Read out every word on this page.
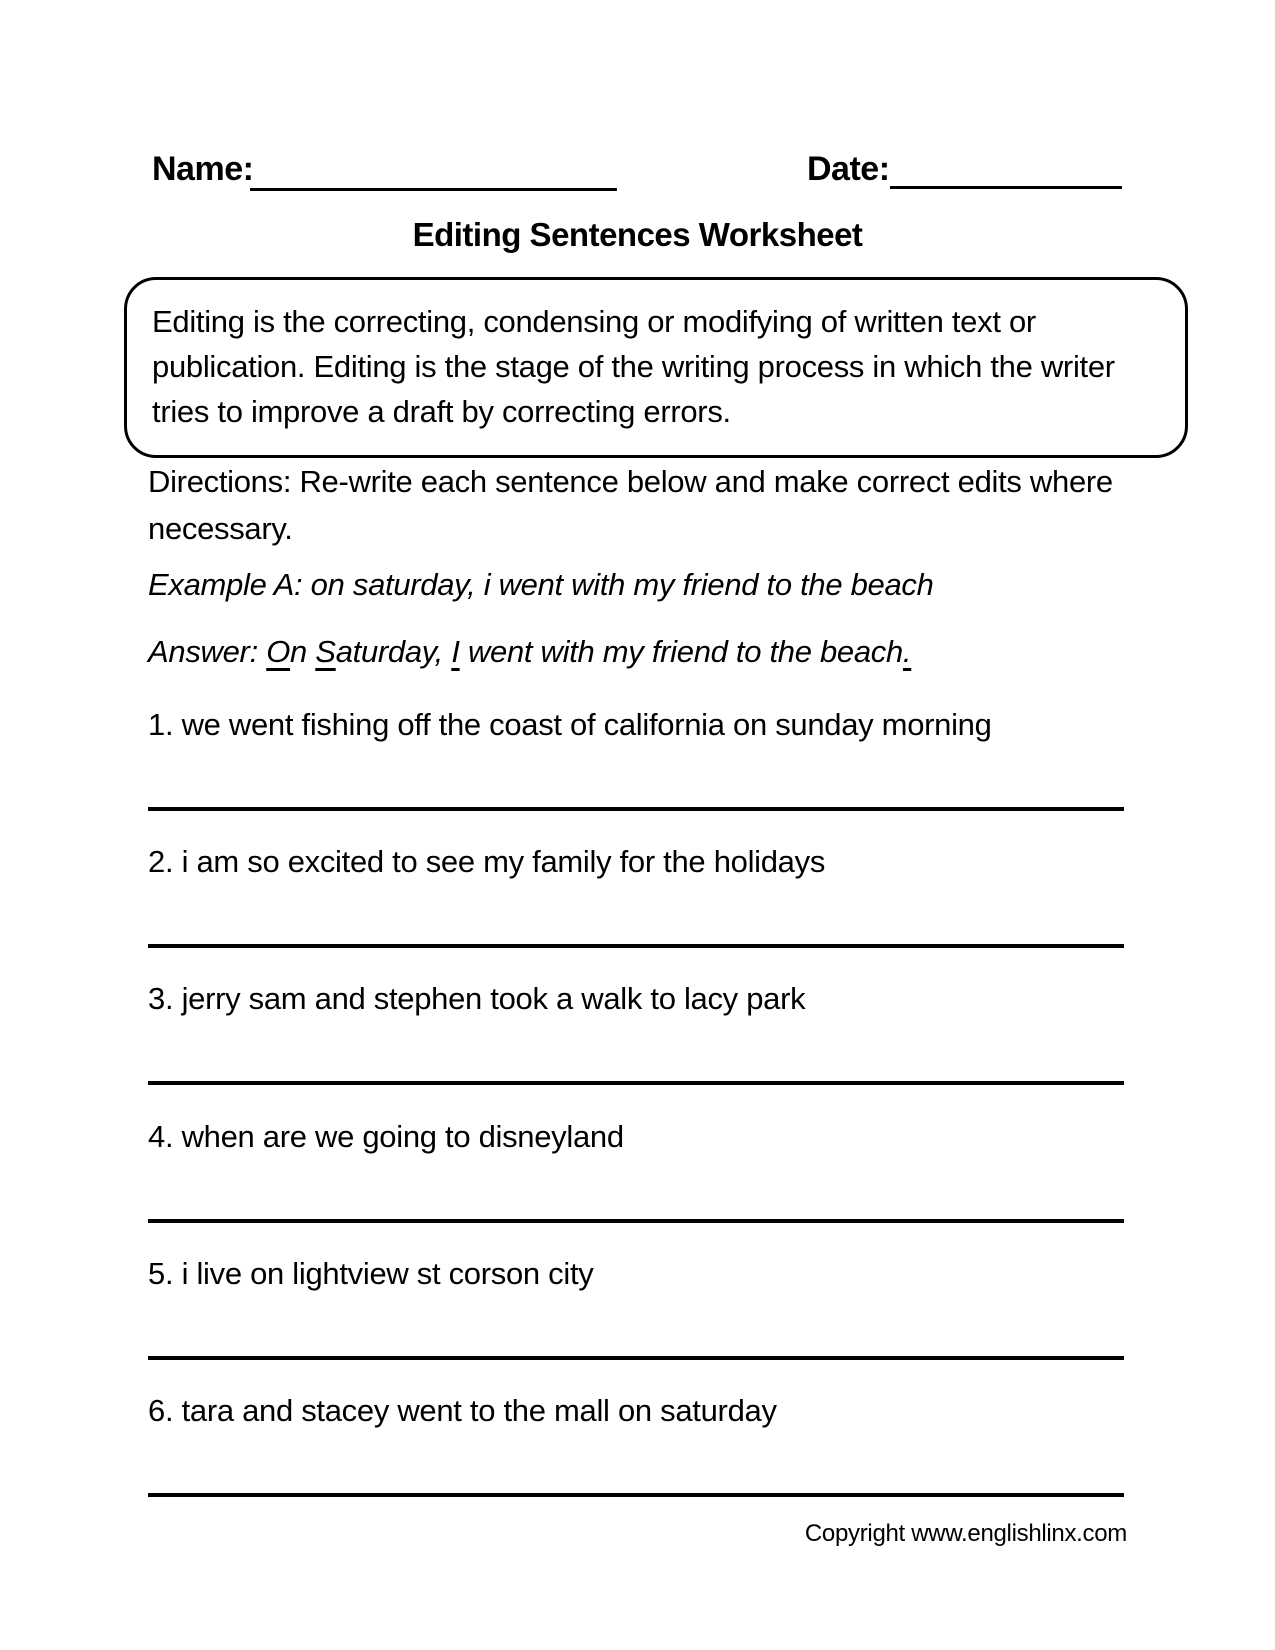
Name:	Date:
Editing Sentences Worksheet
Editing is the correcting, condensing or modifying of written text or
publication. Editing is the stage of the writing process in which the writer
tries to improve a draft by correcting errors.
Directions: Re-write each sentence below and make correct edits where
necessary.
Example A: on saturday, i went with my friend to the beach
Answer: On Saturday, I went with my friend to the beach.
1. we went fishing off the coast of california on sunday morning
2. i am so excited to see my family for the holidays
3. jerry sam and stephen took a walk to lacy park
4. when are we going to disneyland
5. i live on lightview st corson city
6. tara and stacey went to the mall on saturday
Copyright www.englishlinx.com
